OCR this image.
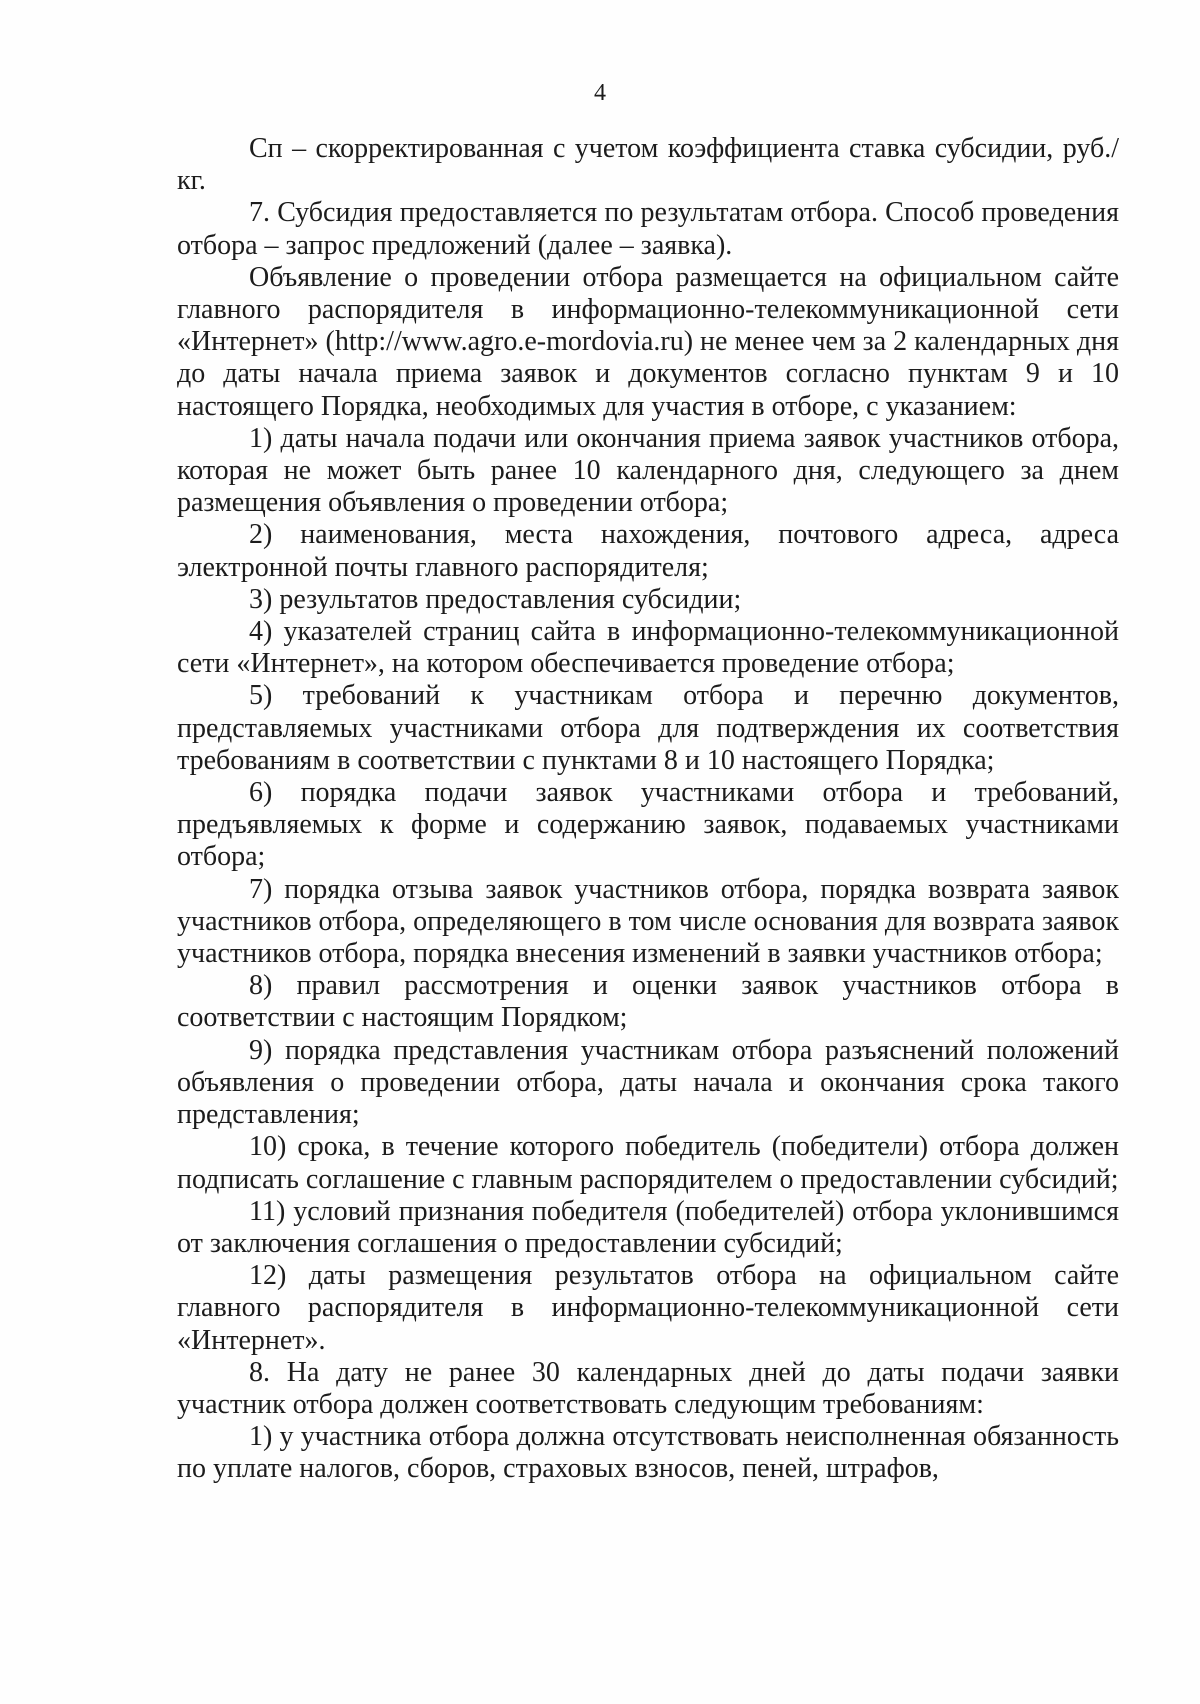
4

Cп – скорректированная с учетом коэффициента ставка субсидии, руб./кг.

7. Субсидия предоставляется по результатам отбора. Способ проведения отбора – запрос предложений (далее – заявка).

Объявление о проведении отбора размещается на официальном сайте главного распорядителя в информационно-телекоммуникационной сети «Интернет» (http://www.agro.e-mordovia.ru) не менее чем за 2 календарных дня до даты начала приема заявок и документов согласно пунктам 9 и 10 настоящего Порядка, необходимых для участия в отборе, с указанием:

1) даты начала подачи или окончания приема заявок участников отбора, которая не может быть ранее 10 календарного дня, следующего за днем размещения объявления о проведении отбора;

2) наименования, места нахождения, почтового адреса, адреса электронной почты главного распорядителя;

3) результатов предоставления субсидии;

4) указателей страниц сайта в информационно-телекоммуникационной сети «Интернет», на котором обеспечивается проведение отбора;

5) требований к участникам отбора и перечню документов, представляемых участниками отбора для подтверждения их соответствия требованиям в соответствии с пунктами 8 и 10 настоящего Порядка;

6) порядка подачи заявок участниками отбора и требований, предъявляемых к форме и содержанию заявок, подаваемых участниками отбора;

7) порядка отзыва заявок участников отбора, порядка возврата заявок участников отбора, определяющего в том числе основания для возврата заявок участников отбора, порядка внесения изменений в заявки участников отбора;

8) правил рассмотрения и оценки заявок участников отбора в соответствии с настоящим Порядком;

9) порядка представления участникам отбора разъяснений положений объявления о проведении отбора, даты начала и окончания срока такого представления;

10) срока, в течение которого победитель (победители) отбора должен подписать соглашение с главным распорядителем о предоставлении субсидий;

11) условий признания победителя (победителей) отбора уклонившимся от заключения соглашения о предоставлении субсидий;

12) даты размещения результатов отбора на официальном сайте главного распорядителя в информационно-телекоммуникационной сети «Интернет».

8. На дату не ранее 30 календарных дней до даты подачи заявки участник отбора должен соответствовать следующим требованиям:

1) у участника отбора должна отсутствовать неисполненная обязанность по уплате налогов, сборов, страховых взносов, пеней, штрафов,
